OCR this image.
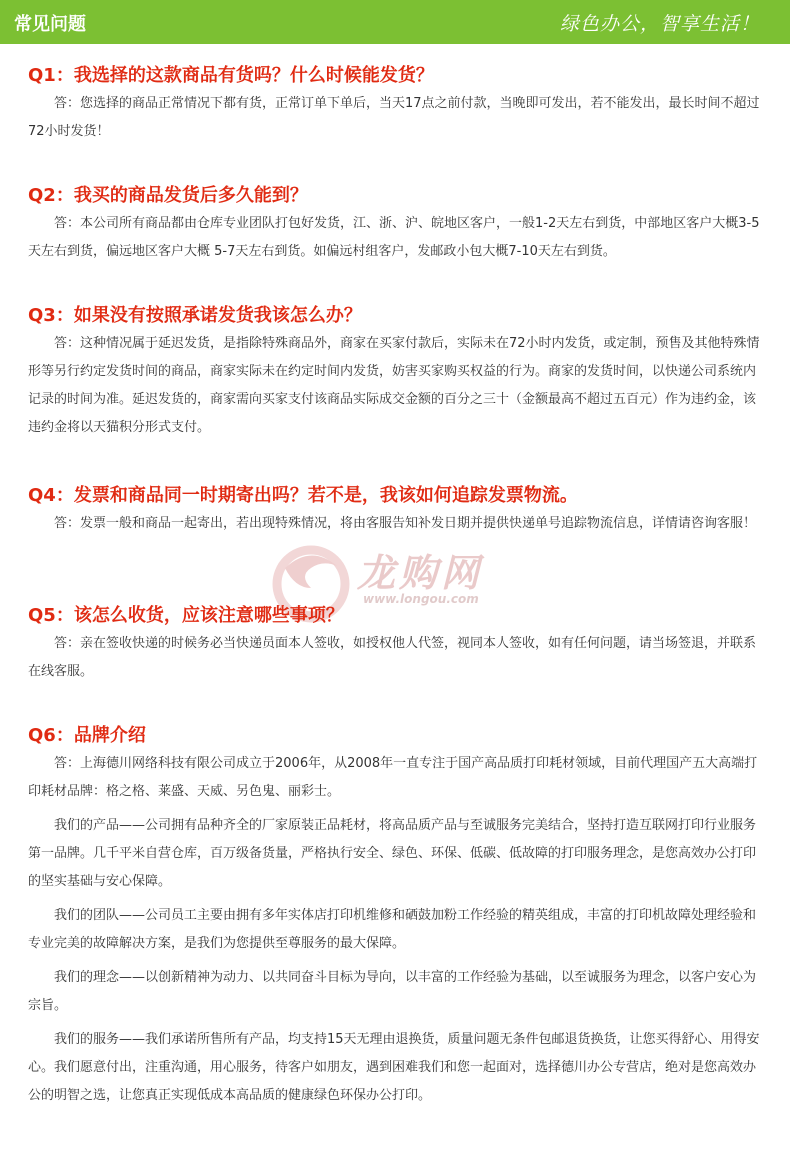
常见问题	绿色办公，智享生活！
龙购网
www.longou.com
Q1：我选择的这款商品有货吗？什么时候能发货？

答：您选择的商品正常情况下都有货，正常订单下单后，当天17点之前付款，当晚即可发出，若不能发出，最长时间不超过72小时发货！

Q2：我买的商品发货后多久能到？

答：本公司所有商品都由仓库专业团队打包好发货，江、浙、沪、皖地区客户，一般1-2天左右到货，中部地区客户大概3-5天左右到货，偏远地区客户大概 5-7天左右到货。如偏远村组客户，发邮政小包大概7-10天左右到货。

Q3：如果没有按照承诺发货我该怎么办？

答：这种情况属于延迟发货，是指除特殊商品外，商家在买家付款后，实际未在72小时内发货，或定制，预售及其他特殊情形等另行约定发货时间的商品，商家实际未在约定时间内发货，妨害买家购买权益的行为。商家的发货时间，以快递公司系统内记录的时间为准。延迟发货的，商家需向买家支付该商品实际成交金额的百分之三十（金额最高不超过五百元）作为违约金，该违约金将以天猫积分形式支付。

Q4：发票和商品同一时期寄出吗？若不是，我该如何追踪发票物流。

答：发票一般和商品一起寄出，若出现特殊情况，将由客服告知补发日期并提供快递单号追踪物流信息，详情请咨询客服！

Q5：该怎么收货，应该注意哪些事项？

答：亲在签收快递的时候务必当快递员面本人签收，如授权他人代签，视同本人签收，如有任何问题，请当场签退，并联系在线客服。

Q6：品牌介绍

答：上海德川网络科技有限公司成立于2006年，从2008年一直专注于国产高品质打印耗材领域，目前代理国产五大高端打印耗材品牌：格之格、莱盛、天威、另色鬼、丽彩士。

我们的产品——公司拥有品种齐全的厂家原装正品耗材，将高品质产品与至诚服务完美结合，坚持打造互联网打印行业服务第一品牌。几千平米自营仓库，百万级备货量，严格执行安全、绿色、环保、低碳、低故障的打印服务理念，是您高效办公打印的坚实基础与安心保障。

我们的团队——公司员工主要由拥有多年实体店打印机维修和硒鼓加粉工作经验的精英组成，丰富的打印机故障处理经验和专业完美的故障解决方案，是我们为您提供至尊服务的最大保障。

我们的理念——以创新精神为动力、以共同奋斗目标为导向，以丰富的工作经验为基础，以至诚服务为理念，以客户安心为宗旨。

我们的服务——我们承诺所售所有产品，均支持15天无理由退换货，质量问题无条件包邮退货换货，让您买得舒心、用得安心。我们愿意付出，注重沟通，用心服务，待客户如朋友，遇到困难我们和您一起面对，选择德川办公专营店，绝对是您高效办公的明智之选，让您真正实现低成本高品质的健康绿色环保办公打印。
